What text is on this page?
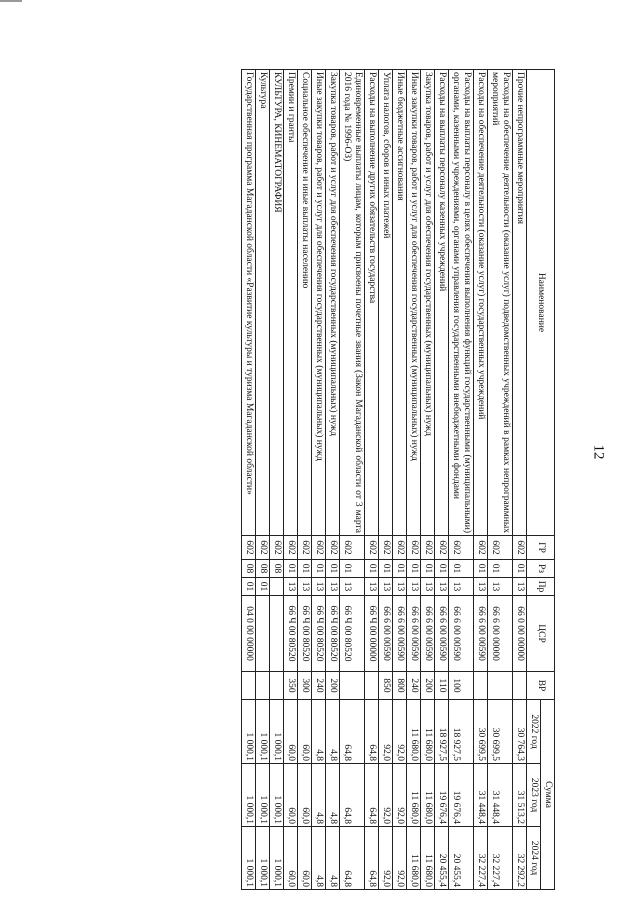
12
Наименование	ГР	Рз	Пр	ЦСР	ВР	Сумма		
						2022 год	2023 год	2024 год
Прочие непрограммные мероприятия	602	01	13	66 0 00 00000		30 764,3	31 513,2	32 292,2
Расходы на обеспечение деятельности (оказание услуг) подведомственных учреждений в рамках непрограммных мероприятий	602	01	13	66 6 00 00000		30 699,5	31 448,4	32 227,4
Расходы на обеспечение деятельности (оказание услуг) государственных учреждений	602	01	13	66 6 00 00590		30 699,5	31 448,4	32 227,4
Расходы на выплаты персоналу в целях обеспечения выполнения функций государственными (муниципальными) органами, казенными учреждениями, органами управления государственными внебюджетными фондами	602	01	13	66 6 00 00590	100	18 927,5	19 676,4	20 455,4
Расходы на выплаты персоналу казенных учреждений	602	01	13	66 6 00 00590	110	18 927,5	19 676,4	20 455,4
Закупка товаров, работ и услуг для обеспечения государственных (муниципальных) нужд	602	01	13	66 6 00 00590	200	11 680,0	11 680,0	11 680,0
Иные закупки товаров, работ и услуг для обеспечения государственных (муниципальных) нужд	602	01	13	66 6 00 00590	240	11 680,0	11 680,0	11 680,0
Иные бюджетные ассигнования	602	01	13	66 6 00 00590	800	92,0	92,0	92,0
Уплата налогов, сборов и иных платежей	602	01	13	66 6 00 00590	850	92,0	92,0	92,0
Расходы на выполнение других обязательств государства	602	01	13	66 Ч 00 00000		64,8	64,8	64,8
Единовременные выплаты лицам, которым присвоены почетные звания (Закон Магаданской области от 3 марта 2016 года № 1996-ОЗ)	602	01	13	66 Ч 00 80520		64,8	64,8	64,8
Закупка товаров, работ и услуг для обеспечения государственных (муниципальных) нужд	602	01	13	66 Ч 00 80520	200	4,8	4,8	4,8
Иные закупки товаров, работ и услуг для обеспечения государственных (муниципальных) нужд	602	01	13	66 Ч 00 80520	240	4,8	4,8	4,8
Социальное обеспечение и иные выплаты населению	602	01	13	66 Ч 00 80520	300	60,0	60,0	60,0
Премии и гранты	602	01	13	66 Ч 00 80520	350	60,0	60,0	60,0
КУЛЬТУРА, КИНЕМАТОГРАФИЯ	602	08				1 000,1	1 000,1	1 000,1
Культура	602	08	01			1 000,1	1 000,1	1 000,1
Государственная программа Магаданской области «Развитие культуры и туризма Магаданской области»	602	08	01	04 0 00 00000		1 000,1	1 000,1	1 000,1
